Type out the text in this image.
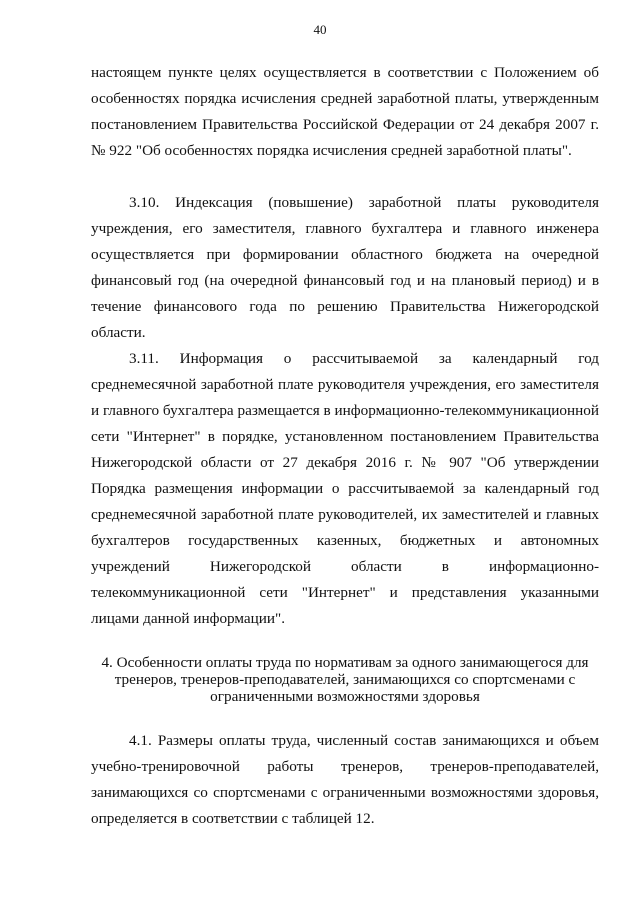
40

настоящем пункте целях осуществляется в соответствии с Положением об особенностях порядка исчисления средней заработной платы, утвержденным постановлением Правительства Российской Федерации от 24 декабря 2007 г. № 922 "Об особенностях порядка исчисления средней заработной платы".

3.10. Индексация (повышение) заработной платы руководителя учреждения, его заместителя, главного бухгалтера и главного инженера осуществляется при формировании областного бюджета на очередной финансовый год (на очередной финансовый год и на плановый период) и в течение финансового года по решению Правительства Нижегородской области.

3.11. Информация о рассчитываемой за календарный год среднемесячной заработной плате руководителя учреждения, его заместителя и главного бухгалтера размещается в информационно-телекоммуникационной сети "Интернет" в порядке, установленном постановлением Правительства Нижегородской области от 27 декабря 2016 г. № 907 "Об утверждении Порядка размещения информации о рассчитываемой за календарный год среднемесячной заработной плате руководителей, их заместителей и главных бухгалтеров государственных казенных, бюджетных и автономных учреждений Нижегородской области в информационно-телекоммуникационной сети "Интернет" и представления указанными лицами данной информации".

4. Особенности оплаты труда по нормативам за одного занимающегося для тренеров, тренеров-преподавателей, занимающихся со спортсменами с ограниченными возможностями здоровья

4.1. Размеры оплаты труда, численный состав занимающихся и объем учебно-тренировочной работы тренеров, тренеров-преподавателей, занимающихся со спортсменами с ограниченными возможностями здоровья, определяется в соответствии с таблицей 12.
